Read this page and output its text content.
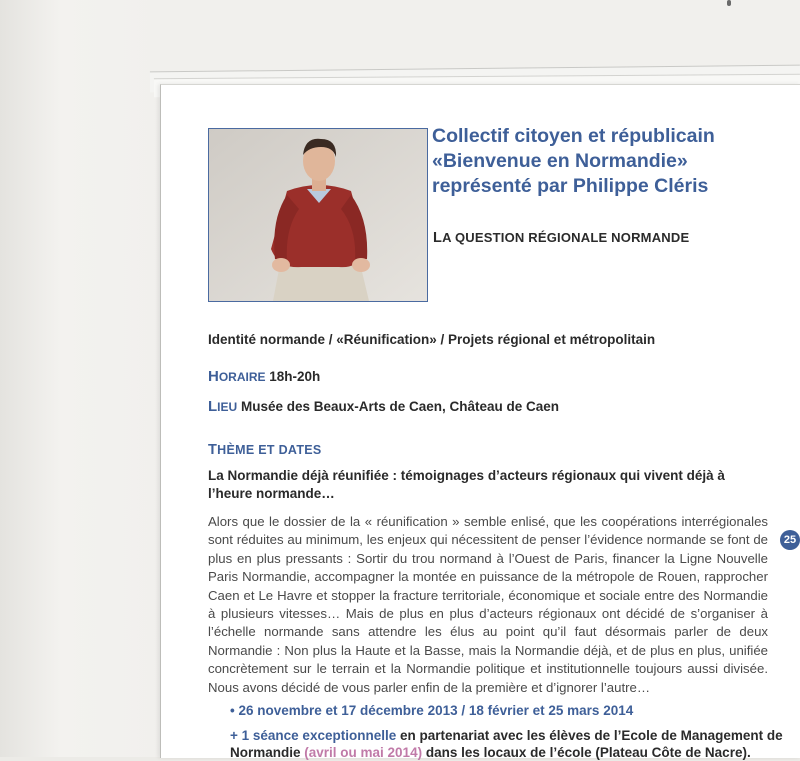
Collectif citoyen et républicain
«Bienvenue en Normandie»
représenté par Philippe Cléris
LA QUESTION RÉGIONALE NORMANDE
Identité normande / «Réunification» / Projets régional et métropolitain
HORAIRE 18h-20h
LIEU Musée des Beaux-Arts de Caen, Château de Caen
THÈME ET DATES
La Normandie déjà réunifiée : témoignages d’acteurs régionaux qui vivent déjà à l’heure normande…
Alors que le dossier de la « réunification » semble enlisé, que les coopérations interrégionales sont réduites au minimum, les enjeux qui nécessitent de penser l’évidence normande se font de plus en plus pressants : Sortir du trou normand à l’Ouest de Paris, financer la Ligne Nouvelle Paris Normandie, accompagner la montée en puissance de la métropole de Rouen, rapprocher Caen et Le Havre et stopper la fracture territoriale, économique et sociale entre des Normandie à plusieurs vitesses… Mais de plus en plus d’acteurs régionaux ont décidé de s’organiser à l’échelle normande sans attendre les élus au point qu’il faut désormais parler de deux Normandie : Non plus la Haute et la Basse, mais la Normandie déjà, et de plus en plus, unifiée concrètement sur le terrain et la Normandie politique et institutionnelle toujours aussi divisée. Nous avons décidé de vous parler enfin de la première et d’ignorer l’autre…
• 26 novembre et 17 décembre 2013 / 18 février et 25 mars 2014
+ 1 séance exceptionnelle en partenariat avec les élèves de l’Ecole de Management de Normandie (avril ou mai 2014) dans les locaux de l’école (Plateau Côte de Nacre).
25
